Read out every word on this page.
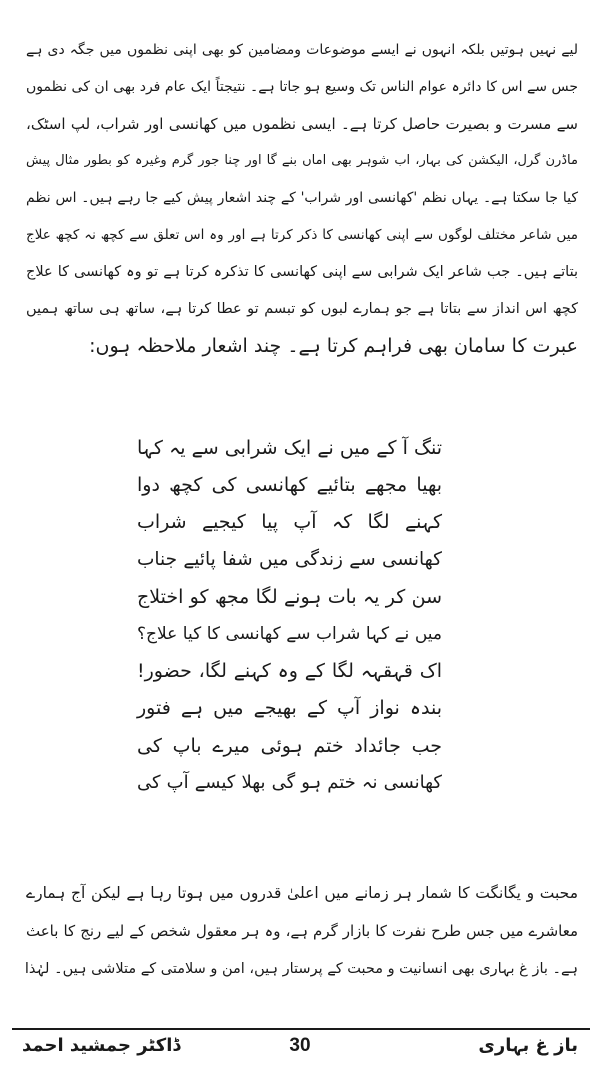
لیے نہیں ہوتیں بلکہ انہوں نے ایسے موضوعات ومضامین کو بھی اپنی نظموں میں جگہ دی ہے
جس سے اس کا دائرہ عوام الناس تک وسیع ہو جاتا ہے۔ نتیجتاً ایک عام فرد بھی ان کی نظموں
سے مسرت و بصیرت حاصل کرتا ہے۔ ایسی نظموں میں کھانسی اور شراب، لپ اسٹک،
ماڈرن گرل، الیکشن کی بہار، اب شوہر بھی اماں بنے گا اور چنا جور گرم وغیرہ کو بطور مثال پیش
کیا جا سکتا ہے۔ یہاں نظم 'کھانسی اور شراب' کے چند اشعار پیش کیے جا رہے ہیں۔ اس نظم
میں شاعر مختلف لوگوں سے اپنی کھانسی کا ذکر کرتا ہے اور وہ اس تعلق سے کچھ نہ کچھ علاج
بتاتے ہیں۔ جب شاعر ایک شرابی سے اپنی کھانسی کا تذکرہ کرتا ہے تو وہ کھانسی کا علاج
کچھ اس انداز سے بتاتا ہے جو ہمارے لبوں کو تبسم تو عطا کرتا ہے، ساتھ ہی ساتھ ہمیں
عبرت کا سامان بھی فراہم کرتا ہے۔ چند اشعار ملاحظہ ہوں:
تنگ آ کے میں نے ایک شرابی سے یہ کہا
بھیا مجھے بتائیے کھانسی کی کچھ دوا
کہنے لگا کہ آپ پیا کیجیے شراب
کھانسی سے زندگی میں شفا پائیے جناب
سن کر یہ بات ہونے لگا مجھ کو اختلاج
میں نے کہا شراب سے کھانسی کا کیا علاج؟
اک قہقہہ لگا کے وہ کہنے لگا، حضور!
بندہ نواز آپ کے بھیجے میں ہے فتور
جب جائداد ختم ہوئی میرے باپ کی
کھانسی نہ ختم ہو گی بھلا کیسے آپ کی
محبت و یگانگت کا شمار ہر زمانے میں اعلیٰ قدروں میں ہوتا رہا ہے لیکن آج ہمارے
معاشرے میں جس طرح نفرت کا بازار گرم ہے، وہ ہر معقول شخص کے لیے رنج کا باعث
ہے۔ باز غ بہاری بھی انسانیت و محبت کے پرستار ہیں، امن و سلامتی کے متلاشی ہیں۔ لہٰذا
ڈاکٹر جمشید احمد	30	باز غ بہاری
